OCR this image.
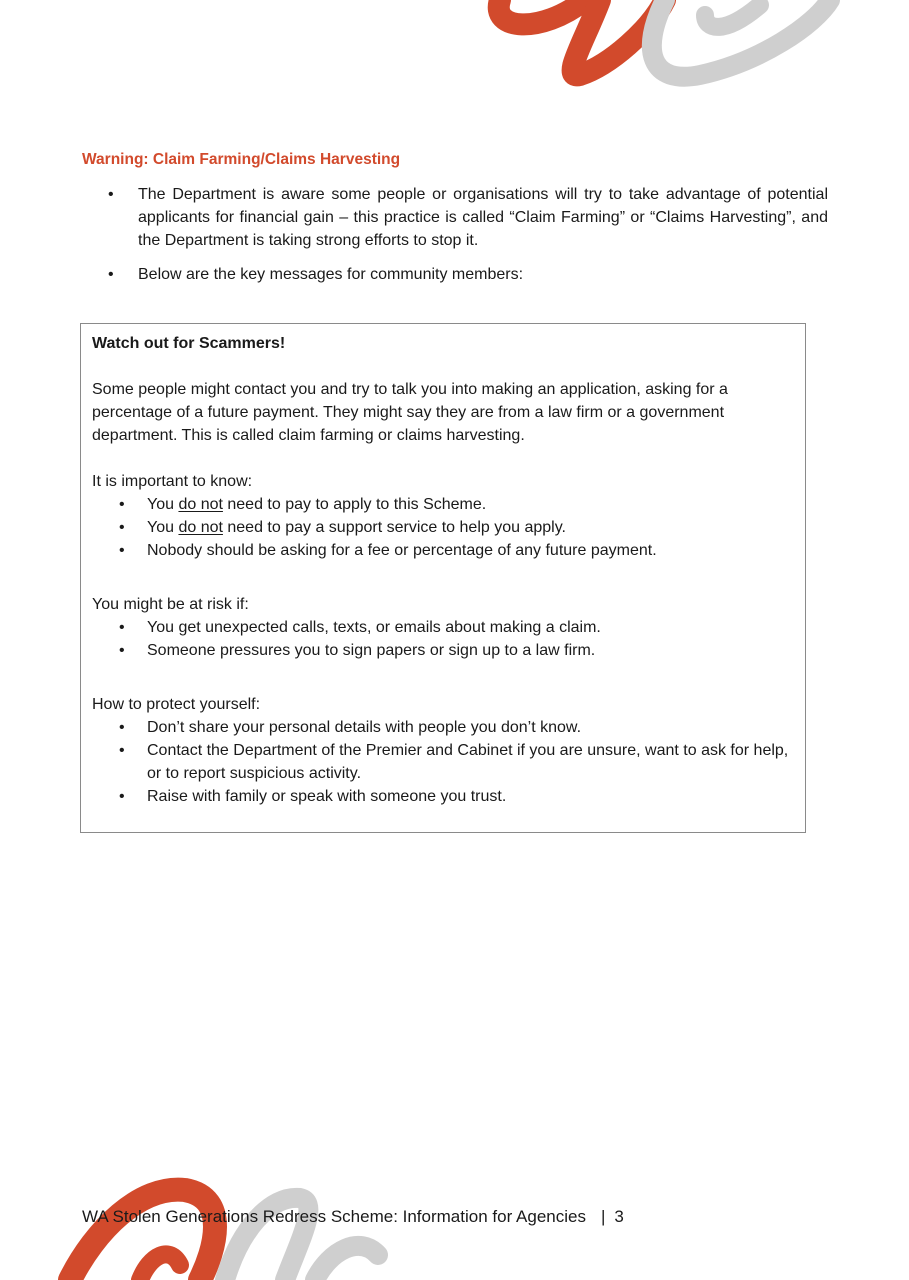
Warning: Claim Farming/Claims Harvesting
• The Department is aware some people or organisations will try to take advantage of potential applicants for financial gain – this practice is called “Claim Farming” or “Claims Harvesting”, and the Department is taking strong efforts to stop it.
• Below are the key messages for community members:

Watch out for Scammers!

Some people might contact you and try to talk you into making an application, asking for a percentage of a future payment. They might say they are from a law firm or a government department. This is called claim farming or claims harvesting.

It is important to know:

• You do not need to pay to apply to this Scheme.
• You do not need to pay a support service to help you apply.
• Nobody should be asking for a fee or percentage of any future payment.

You might be at risk if:

• You get unexpected calls, texts, or emails about making a claim.
• Someone pressures you to sign papers or sign up to a law firm.

How to protect yourself:

• Don’t share your personal details with people you don’t know.
• Contact the Department of the Premier and Cabinet if you are unsure, want to ask for help, or to report suspicious activity.
• Raise with family or speak with someone you trust.
WA Stolen Generations Redress Scheme: Information for Agencies | 3
